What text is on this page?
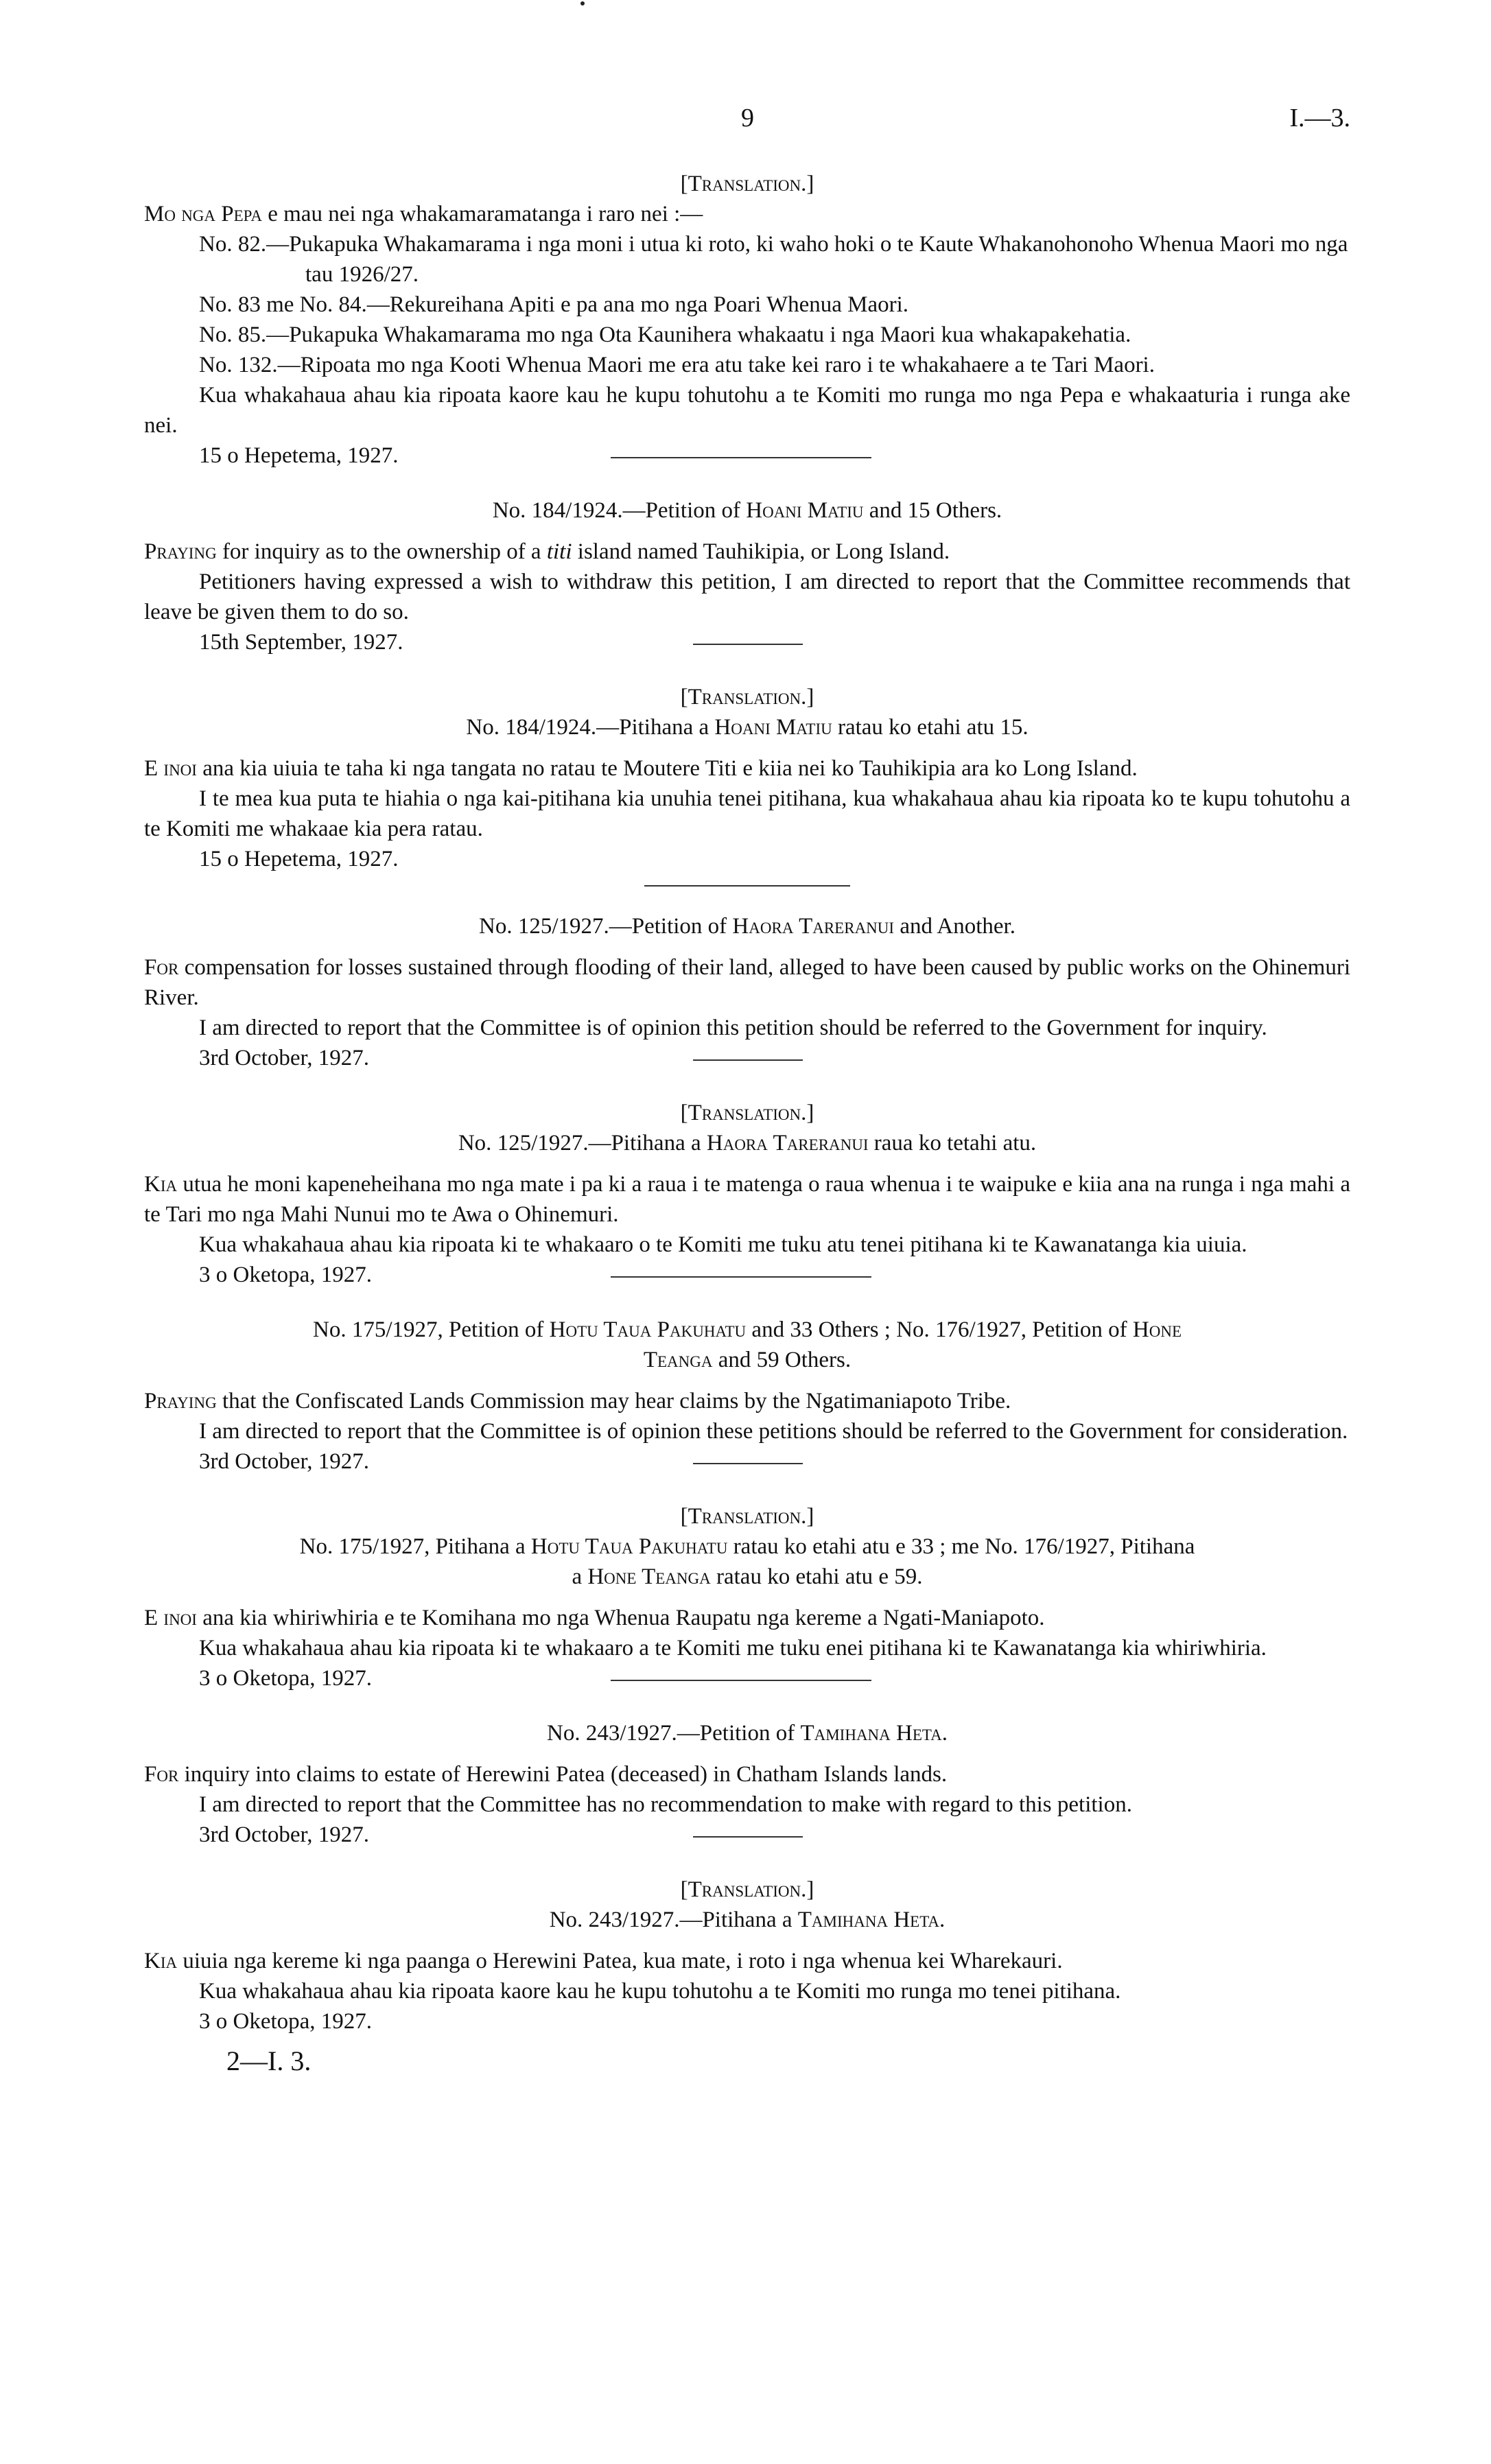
9	I.—3.

[Translation.]

Mo nga Pepa e mau nei nga whakamaramatanga i raro nei :—

No. 82.—Pukapuka Whakamarama i nga moni i utua ki roto, ki waho hoki o te Kaute Whakanohonoho Whenua Maori mo nga tau 1926/27.

No. 83 me No. 84.—Rekureihana Apiti e pa ana mo nga Poari Whenua Maori.

No. 85.—Pukapuka Whakamarama mo nga Ota Kaunihera whakaatu i nga Maori kua whakapakehatia.

No. 132.—Ripoata mo nga Kooti Whenua Maori me era atu take kei raro i te whakahaere a te Tari Maori.

Kua whakahaua ahau kia ripoata kaore kau he kupu tohutohu a te Komiti mo runga mo nga Pepa e whakaaturia i runga ake nei.

15 o Hepetema, 1927.

No. 184/1924.—Petition of Hoani Matiu and 15 Others.

Praying for inquiry as to the ownership of a titi island named Tauhikipia, or Long Island.

Petitioners having expressed a wish to withdraw this petition, I am directed to report that the Committee recommends that leave be given them to do so.

15th September, 1927.

[Translation.]

No. 184/1924.—Pitihana a Hoani Matiu ratau ko etahi atu 15.

E inoi ana kia uiuia te taha ki nga tangata no ratau te Moutere Titi e kiia nei ko Tauhikipia ara ko Long Island.

I te mea kua puta te hiahia o nga kai-pitihana kia unuhia tenei pitihana, kua whakahaua ahau kia ripoata ko te kupu tohutohu a te Komiti me whakaae kia pera ratau.

15 o Hepetema, 1927.

No. 125/1927.—Petition of Haora Tareranui and Another.

For compensation for losses sustained through flooding of their land, alleged to have been caused by public works on the Ohinemuri River.

I am directed to report that the Committee is of opinion this petition should be referred to the Government for inquiry.

3rd October, 1927.

[Translation.]

No. 125/1927.—Pitihana a Haora Tareranui raua ko tetahi atu.

Kia utua he moni kapeneheihana mo nga mate i pa ki a raua i te matenga o raua whenua i te waipuke e kiia ana na runga i nga mahi a te Tari mo nga Mahi Nunui mo te Awa o Ohinemuri.

Kua whakahaua ahau kia ripoata ki te whakaaro o te Komiti me tuku atu tenei pitihana ki te Kawanatanga kia uiuia.

3 o Oketopa, 1927.

No. 175/1927, Petition of Hotu Taua Pakuhatu and 33 Others ; No. 176/1927, Petition of Hone

Teanga and 59 Others.

Praying that the Confiscated Lands Commission may hear claims by the Ngatimaniapoto Tribe.

I am directed to report that the Committee is of opinion these petitions should be referred to the Government for consideration.

3rd October, 1927.

[Translation.]

No. 175/1927, Pitihana a Hotu Taua Pakuhatu ratau ko etahi atu e 33 ; me No. 176/1927, Pitihana

a Hone Teanga ratau ko etahi atu e 59.

E inoi ana kia whiriwhiria e te Komihana mo nga Whenua Raupatu nga kereme a Ngati-Maniapoto.

Kua whakahaua ahau kia ripoata ki te whakaaro a te Komiti me tuku enei pitihana ki te Kawanatanga kia whiriwhiria.

3 o Oketopa, 1927.

No. 243/1927.—Petition of Tamihana Heta.

For inquiry into claims to estate of Herewini Patea (deceased) in Chatham Islands lands.

I am directed to report that the Committee has no recommendation to make with regard to this petition.

3rd October, 1927.

[Translation.]

No. 243/1927.—Pitihana a Tamihana Heta.

Kia uiuia nga kereme ki nga paanga o Herewini Patea, kua mate, i roto i nga whenua kei Wharekauri.

Kua whakahaua ahau kia ripoata kaore kau he kupu tohutohu a te Komiti mo runga mo tenei pitihana.

3 o Oketopa, 1927.
2—I. 3.
